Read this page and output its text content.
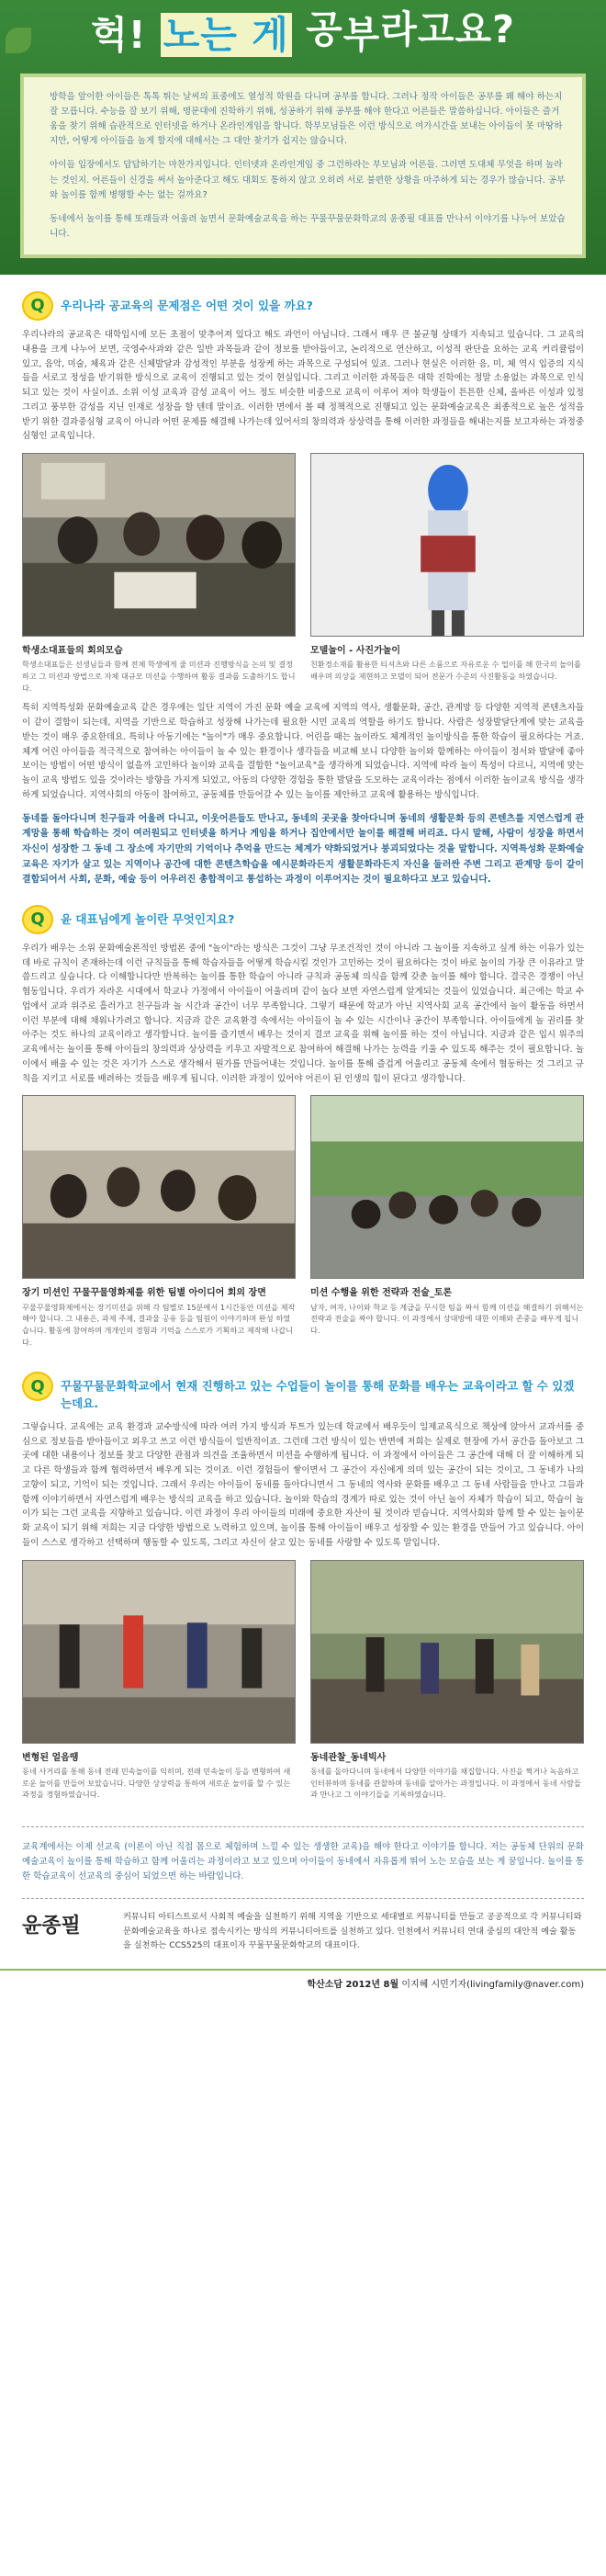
헉! 노는 게 공부라고요?

방학을 앞이한 아이들은 톡톡 튀는 날씨의 표중에도 열성적 학원을 다니며 공부를 합니다. 그러나 정작 아이들은 공부를 왜 해야 하는지 잘 모릅니다. 수능을 잘 보기 위해, 명문대에 진학하기 위해, 성공하기 위해 공부를 해야 한다고 어른들은 말씀하십니다. 아이들은 즐거움을 찾기 위해 습관적으로 인터넷을 하거나 온라인게임을 합니다. 학부모님들은 이런 방식으로 여가시간을 보내는 아이들이 못 마땅하지만, 어떻게 아이들을 놀게 할지에 대해서는 그 대안 찾기가 쉽지는 않습니다.

아이들 입장에서도 답답하기는 마찬가지입니다. 인터넷과 온라인게임 중 그런하라는 부모님과 어른들. 그러면 도대체 무엇을 하며 놀라는 것인지. 어른들이 신경을 써서 놀아준다고 해도 대회도 통하지 않고 오히려 서로 불편한 상황을 마주하게 되는 경우가 많습니다. 공부와 놀이를 함께 병행할 수는 없는 걸까요?

동네에서 놀이를 통해 또래들과 어울려 놀면서 문화예술교육을 하는 꾸물꾸물문화학교의 윤종필 대표를 만나서 이야기를 나누어 보았습니다.

Q	우리나라 공교육의 문제점은 어떤 것이 있을 까요?

우리나라의 공교육은 대학입시에 모든 초점이 맞추어져 있다고 해도 과언이 아닙니다. 그래서 매우 큰 불균형 상태가 지속되고 있습니다. 그 교육의 내용을 크게 나누어 보면, 국영수사과와 같은 일반 과목들과 같이 정보를 받아들이고, 논리적으로 연산하고, 이성적 판단을 요하는 교육 커리큘럼이 있고, 음악, 미술, 체육과 같은 신체발달과 감성적인 부분을 성장케 하는 과목으로 구성되어 있죠. 그러나 현실은 이러한 음, 미, 체 역시 입증의 지식들을 서로고 정성을 받기위한 방식으로 교육이 진행되고 있는 것이 현실입니다. 그리고 이러한 과목들은 대학 진학에는 정말 소용없는 과목으로 인식되고 있는 것이 사실이죠. 소위 이성 교육과 감성 교육이 어느 정도 비슷한 비중으로 교육이 이루어 져야 학생들이 튼튼한 신체, 올바른 이성과 있정 그리고 풍부한 감성을 지닌 인재로 성장을 할 텐데 말이죠. 이러한 면에서 볼 때 정책적으로 진행되고 있는 문화예술교육은 최종적으로 높은 성적을 받기 위한 결과중심형 교육이 아니라 어떤 문제를 해결해 나가는데 있어서의 창의력과 상상력을 통해 이러한 과정들을 해내는지를 보고자하는 과정중심형인 교육입니다.

학생소대표들의 회의모습
학생소대표들은 선생님들과 함께 전체 학생에게 줄 미션과 진행방식을 논의 및 결정하고 그 미션과 방법으로 자체 대규모 미션을 수행하여 활동 결과를 도출하기도 합니다.
모델놀이 - 사진가놀이
친환경소재를 활용한 티셔츠와 다른 소품으로 자유로운 수 업이를 해 한국의 놀이를 배우며 의상을 재현하고 모델이 되어 전문가 수준의 사진활동을 하였습니다.

특히 지역특성화 문화예술교육 같은 경우에는 일단 지역이 가진 문화 예술 교육에 지역의 역사, 생활문화, 공간, 관계망 등 다양한 지역적 콘텐츠자들이 같이 결합이 되는데, 지역을 기반으로 학습하고 성장해 나가는데 필요한 시민 교육의 역할을 하기도 합니다. 사람은 성장발달단계에 맞는 교육을 받는 것이 매우 중요한데요. 특히나 아동기에는 "놀이"가 매우 중요합니다. 어린을 때는 놀이라도 체계적인 놀이방식을 통한 학습이 필요하다는 거죠. 체계 어린 아이들을 적극적으로 참여하는 아이들이 놀 수 있는 환경이나 생각들을 비교해 보니 다양한 놀이와 함께하는 아이들이 정서와 발달에 좋아 보이는 방법이 어떤 방식이 없을까 고민하다 놀이와 교육을 결합한 "놀이교육"을 생각하게 되었습니다. 지역에 따라 놀이 특성이 다르니, 지역에 맞는 놀이 교육 방법도 있을 것이라는 방향을 가지게 되었고, 아동의 다양한 경험을 통한 발달을 도모하는 교육이라는 점에서 이러한 놀이교육 방식을 생각하게 되었습니다. 지역사회의 아동이 참여하고, 공동체를 만들어갈 수 있는 놀이를 제안하고 교육에 활용하는 방식입니다.

동네를 돌아다니며 친구들과 어울려 다니고, 이웃어른들도 만나고, 동네의 곳곳을 찾아다니며 동네의 생활문화 등의 콘텐츠를 지연스럽게 관계망을 통해 학습하는 것이 여러원되고 인터넷을 하거나 게임을 하거나 집안에서만 놀이를 해결해 버리죠. 다시 말해, 사람이 성장을 하면서 자신이 성장한 그 동네 그 장소에 자기만의 기억이나 추억을 만드는 체계가 약화되었거나 붕괴되었다는 것을 말합니다. 지역특성화 문화예술교육은 자기가 살고 있는 지역이나 공간에 대한 콘텐츠학습을 예시문화라든지 생활문화라든지 자신을 둘러싼 주변 그리고 관계망 등이 같이 결합되어서 사회, 문화, 예술 등이 어우러진 총합적이고 통섭하는 과정이 이루어지는 것이 필요하다고 보고 있습니다.

Q	윤 대표님에게 놀이란 무엇인지요?

우리가 배우는 소위 문화예술론적인 방법론 중에 "놀이"라는 방식은 그것이 그냥 무조건적인 것이 아니라 그 놀이를 지속하고 싶게 하는 이유가 있는데 바로 규칙이 존재하는데 이런 규칙들을 통해 학습자들을 어떻게 학습시킬 것인가 고민하는 것이 필요하다는 것이 바로 놀이의 가장 큰 이유라고 말씀드리고 싶습니다. 다 이해합니다만 반복하는 놀이를 통한 학습이 아니라 규칙과 공동체 의식을 함께 갖춘 놀이를 해야 합니다. 결국은 경쟁이 아닌 협동입니다. 우리가 자라온 시대에서 학교나 가정에서 아이들이 어울리며 같이 놀다 보면 자연스럽게 알게되는 것들이 있었습니다. 최근에는 학교 수업에서 교과 위주로 흘러가고 친구들과 놀 시간과 공간이 너무 부족합니다. 그렇기 때문에 학교가 아닌 지역사회 교육 공간에서 놀이 활동을 하면서 이런 부분에 대해 채워나가려고 합니다. 지금과 같은 교육환경 속에서는 아이들이 놀 수 있는 시간이나 공간이 부족합니다. 아이들에게 놀 권리를 찾아주는 것도 하나의 교육이라고 생각합니다. 놀이를 즐기면서 배우는 것이지 결코 교육을 위해 놀이를 하는 것이 아닙니다. 지금과 같은 입시 위주의 교육에서는 놀이를 통해 아이들의 창의력과 상상력을 키우고 자발적으로 참여하여 해결해 나가는 능력을 키울 수 있도록 해주는 것이 필요합니다. 놀이에서 배울 수 있는 것은 자기가 스스로 생각해서 뭔가를 만들어내는 것입니다. 놀이를 통해 즐겁게 어울리고 공동체 속에서 협동하는 것 그리고 규칙을 지키고 서로를 배려하는 것들을 배우게 됩니다. 이러한 과정이 있어야 어른이 된 인생의 힘이 된다고 생각합니다.

장기 미션인 꾸물꾸물영화제를 위한 팀별 아이디어 회의 장면
꾸물꾸물영화제에서는 장기미션을 위해 각 팀별로 15분에서 1시간동안 미션을 제작해야 합니다. 그 내용은, 과제 주제, 결과물 공유 등을 팀원이 이야기하며 완성 하였습니다. 활동에 참여하며 개개인의 경험과 기억을 스스로가 기획하고 제작해 나갑니다.
미션 수행을 위한 전략과 전술_토론
남자, 여자, 나이와 학교 등 계급을 무시한 팀을 짜서 함께 미션을 해결하기 위해서는 전략과 전술을 짜야 합니다. 이 과정에서 상대방에 대한 이해와 존중을 배우게 됩니다.
Q	꾸물꾸물문화학교에서 현재 진행하고 있는 수업들이 놀이를 통해 문화를 배우는 교육이라고 할 수 있겠는데요.

그렇습니다. 교육에는 교육 환경과 교수방식에 따라 여러 가지 방식과 투트가 있는데 학교에서 배우듯이 일제교육식으로 책상에 앉아서 교과서를 중심으로 정보들을 받아들이고 외우고 쓰고 이런 방식들이 일반적이죠. 그런데 그런 방식이 있는 반면에 저희는 실제로 현장에 가서 공간을 돌아보고 그곳에 대한 내용이나 정보를 찾고 다양한 관점과 의견을 조율하면서 미션을 수행하게 됩니다. 이 과정에서 아이들은 그 공간에 대해 더 잘 이해하게 되고 다른 학생들과 함께 협력하면서 배우게 되는 것이죠. 이런 경험들이 쌓이면서 그 공간이 자신에게 의미 있는 공간이 되는 것이고, 그 동네가 나의 고향이 되고, 기억이 되는 것입니다. 그래서 우리는 아이들이 동네를 돌아다니면서 그 동네의 역사와 문화를 배우고 그 동네 사람들을 만나고 그들과 함께 이야기하면서 자연스럽게 배우는 방식의 교육을 하고 있습니다. 놀이와 학습의 경계가 따로 있는 것이 아닌 놀이 자체가 학습이 되고, 학습이 놀이가 되는 그런 교육을 지향하고 있습니다. 이런 과정이 우리 아이들의 미래에 중요한 자산이 될 것이라 믿습니다. 지역사회와 함께 할 수 있는 놀이문화 교육이 되기 위해 저희는 지금 다양한 방법으로 노력하고 있으며, 놀이를 통해 아이들이 배우고 성장할 수 있는 환경을 만들어 가고 있습니다. 아이들이 스스로 생각하고 선택하며 행동할 수 있도록, 그리고 자신이 살고 있는 동네를 사랑할 수 있도록 말입니다.

변형된 얼음땡
동네 사거리를 통해 동네 전래 민속놀이를 익히며, 전래 민속놀이 등을 변형하여 새로운 놀이를 만들어 보았습니다. 다양한 상상력을 통하여 새로운 놀이를 할 수 있는 과정을 경험하였습니다.
동네관찰_동네빅사
동네를 돌아다니며 동네에서 다양한 이야기를 채집합니다. 사진을 찍거나 녹음하고 인터뷰하며 동네를 관찰하며 동네를 알아가는 과정입니다. 이 과정에서 동네 사람들과 만나고 그 이야기들을 기록하였습니다.

교육계에서는 이제 선교육 (이론이 아닌 직접 몸으로 체험하며 느낄 수 있는 생생한 교육)을 해야 한다고 이야기를 합니다. 저는 공동체 단위의 문화예술교육이 놀이를 통해 학습하고 함께 어울리는 과정이라고 보고 있으며 아이들이 동네에서 자유롭게 뛰어 노는 모습을 보는 게 꿈입니다. 놀이를 통한 학습교육이 선교육의 중심이 되었으면 하는 바람입니다.

윤종필	커뮤니티 아티스트로서 사회적 예술을 실천하기 위해 지역을 기반으로 세대별로 커뮤니티를 만들고 공공적으로 각 커뮤니티와 문화예술교육을 하나로 접속시키는 방식의 커뮤니티아트를 실천하고 있다. 인천에서 커뮤니티 연대 중심의 대안적 예술 활동을 실천하는 CCS525의 대표이자 꾸물꾸물문화학교의 대표이다.
학산소담 2012년 8월 이지혜 시민기자(livingfamily@naver.com)
